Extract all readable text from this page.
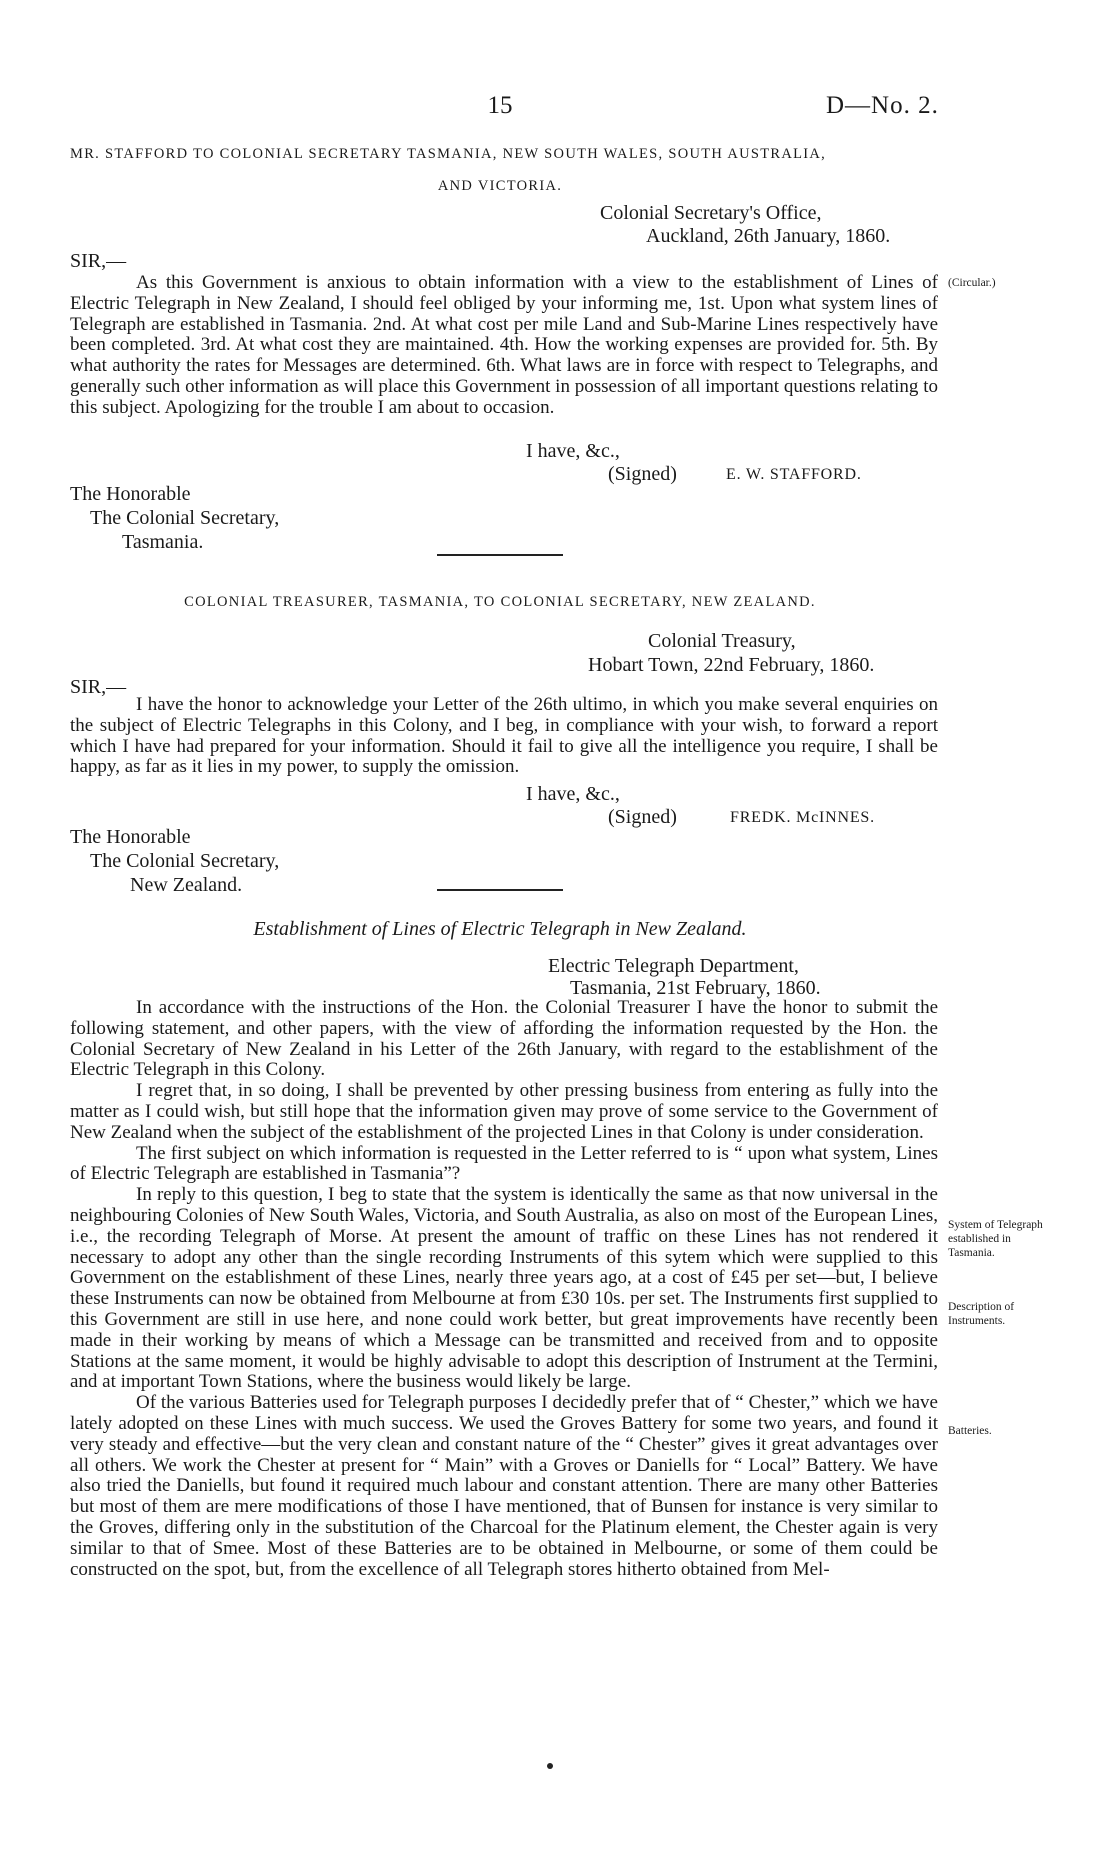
15	D—No. 2.
MR. STAFFORD TO COLONIAL SECRETARY TASMANIA, NEW SOUTH WALES, SOUTH AUSTRALIA,
AND VICTORIA.
Colonial Secretary's Office,
Auckland, 26th January, 1860.
SIR,—
(Circular.)

As this Government is anxious to obtain information with a view to the establishment of Lines of Electric Telegraph in New Zealand, I should feel obliged by your informing me, 1st. Upon what system lines of Telegraph are established in Tasmania. 2nd. At what cost per mile Land and Sub-Marine Lines respectively have been completed. 3rd. At what cost they are maintained. 4th. How the working expenses are provided for. 5th. By what authority the rates for Messages are determined. 6th. What laws are in force with respect to Telegraphs, and generally such other information as will place this Government in possession of all important questions relating to this subject. Apologizing for the trouble I am about to occasion.

I have, &c.,
(Signed)	E. W. STAFFORD.
The Honorable
The Colonial Secretary,
Tasmania.
COLONIAL TREASURER, TASMANIA, TO COLONIAL SECRETARY, NEW ZEALAND.
Colonial Treasury,
Hobart Town, 22nd February, 1860.
SIR,—

I have the honor to acknowledge your Letter of the 26th ultimo, in which you make several enquiries on the subject of Electric Telegraphs in this Colony, and I beg, in compliance with your wish, to forward a report which I have had prepared for your information. Should it fail to give all the intelligence you require, I shall be happy, as far as it lies in my power, to supply the omission.

I have, &c.,
(Signed)	FREDK. McINNES.
The Honorable
The Colonial Secretary,
New Zealand.
Establishment of Lines of Electric Telegraph in New Zealand.
Electric Telegraph Department,
Tasmania, 21st February, 1860.
System of Telegraph established in Tasmania.
Description of Instruments.
Batteries.

In accordance with the instructions of the Hon. the Colonial Treasurer I have the honor to submit the following statement, and other papers, with the view of affording the information requested by the Hon. the Colonial Secretary of New Zealand in his Letter of the 26th January, with regard to the establishment of the Electric Telegraph in this Colony.

I regret that, in so doing, I shall be prevented by other pressing business from entering as fully into the matter as I could wish, but still hope that the information given may prove of some service to the Government of New Zealand when the subject of the establishment of the projected Lines in that Colony is under consideration.

The first subject on which information is requested in the Letter referred to is “ upon what system, Lines of Electric Telegraph are established in Tasmania”?

In reply to this question, I beg to state that the system is identically the same as that now universal in the neighbouring Colonies of New South Wales, Victoria, and South Australia, as also on most of the European Lines, i.e., the recording Telegraph of Morse. At present the amount of traffic on these Lines has not rendered it necessary to adopt any other than the single recording Instruments of this sytem which were supplied to this Government on the establishment of these Lines, nearly three years ago, at a cost of £45 per set—but, I believe these Instruments can now be obtained from Melbourne at from £30 10s. per set. The Instruments first supplied to this Government are still in use here, and none could work better, but great improvements have recently been made in their working by means of which a Message can be transmitted and received from and to opposite Stations at the same moment, it would be highly advisable to adopt this description of Instrument at the Termini, and at important Town Stations, where the business would likely be large.

Of the various Batteries used for Telegraph purposes I decidedly prefer that of “ Chester,” which we have lately adopted on these Lines with much success. We used the Groves Battery for some two years, and found it very steady and effective—but the very clean and constant nature of the “ Chester” gives it great advantages over all others. We work the Chester at present for “ Main” with a Groves or Daniells for “ Local” Battery. We have also tried the Daniells, but found it required much labour and constant attention. There are many other Batteries but most of them are mere modifications of those I have mentioned, that of Bunsen for instance is very similar to the Groves, differing only in the substitution of the Charcoal for the Platinum element, the Chester again is very similar to that of Smee. Most of these Batteries are to be obtained in Melbourne, or some of them could be constructed on the spot, but, from the excellence of all Telegraph stores hitherto obtained from Mel-
